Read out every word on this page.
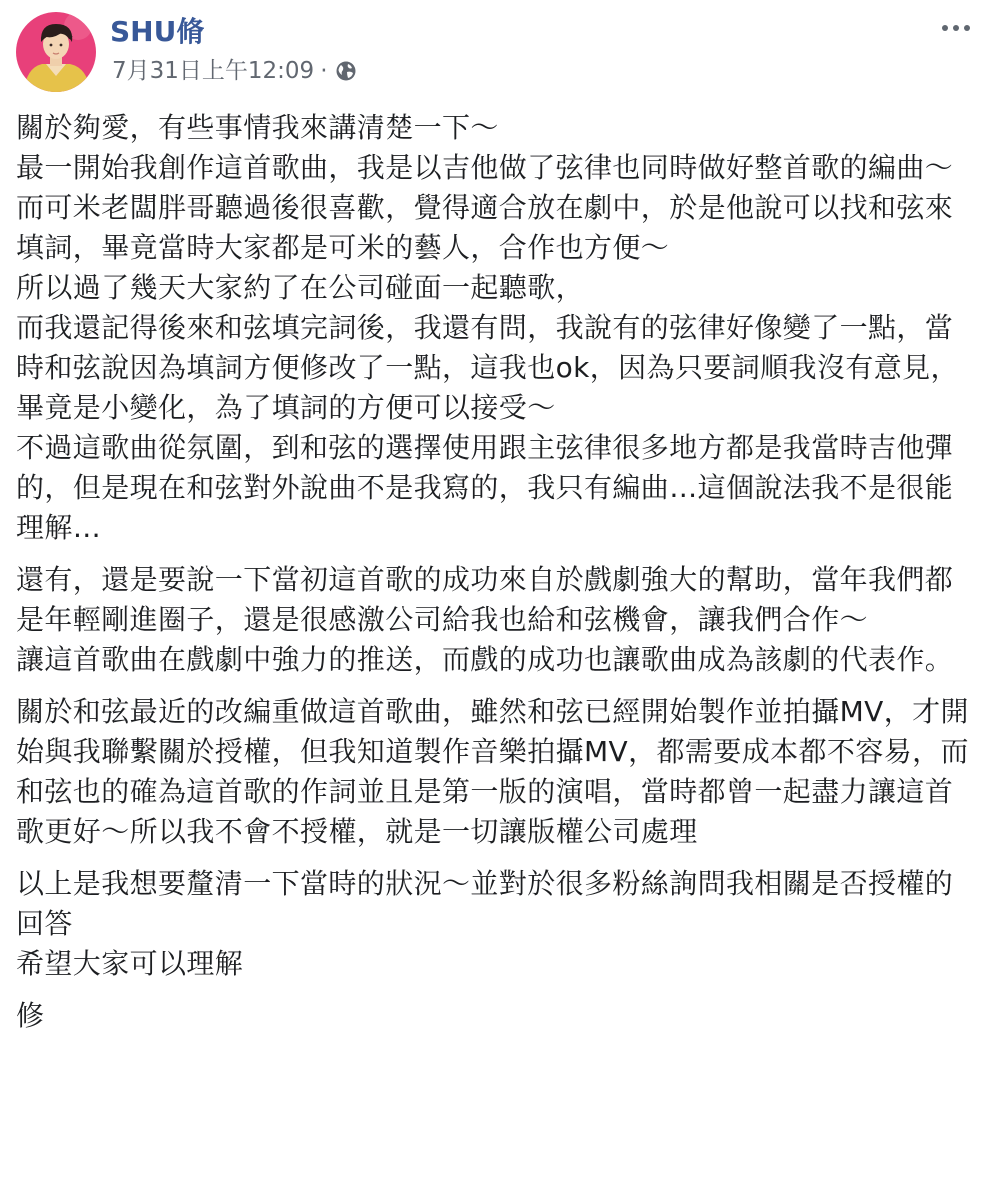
SHU脩
7月31日上午12:09 ·

關於夠愛，有些事情我來講清楚一下～
最一開始我創作這首歌曲，我是以吉他做了弦律也同時做好整首歌的編曲～
而可米老闆胖哥聽過後很喜歡，覺得適合放在劇中，於是他說可以找和弦來填詞，畢竟當時大家都是可米的藝人，合作也方便～
所以過了幾天大家約了在公司碰面一起聽歌，
而我還記得後來和弦填完詞後，我還有問，我說有的弦律好像變了一點，當時和弦說因為填詞方便修改了一點，這我也ok，因為只要詞順我沒有意見，畢竟是小變化，為了填詞的方便可以接受～
不過這歌曲從氛圍，到和弦的選擇使用跟主弦律很多地方都是我當時吉他彈的，但是現在和弦對外說曲不是我寫的，我只有編曲…這個說法我不是很能理解…

還有，還是要說一下當初這首歌的成功來自於戲劇強大的幫助，當年我們都是年輕剛進圈子，還是很感激公司給我也給和弦機會，讓我們合作～
讓這首歌曲在戲劇中強力的推送，而戲的成功也讓歌曲成為該劇的代表作。

關於和弦最近的改編重做這首歌曲，雖然和弦已經開始製作並拍攝MV，才開始與我聯繫關於授權，但我知道製作音樂拍攝MV，都需要成本都不容易，而和弦也的確為這首歌的作詞並且是第一版的演唱，當時都曾一起盡力讓這首歌更好～所以我不會不授權，就是一切讓版權公司處理

以上是我想要釐清一下當時的狀況～並對於很多粉絲詢問我相關是否授權的回答
希望大家可以理解

修
